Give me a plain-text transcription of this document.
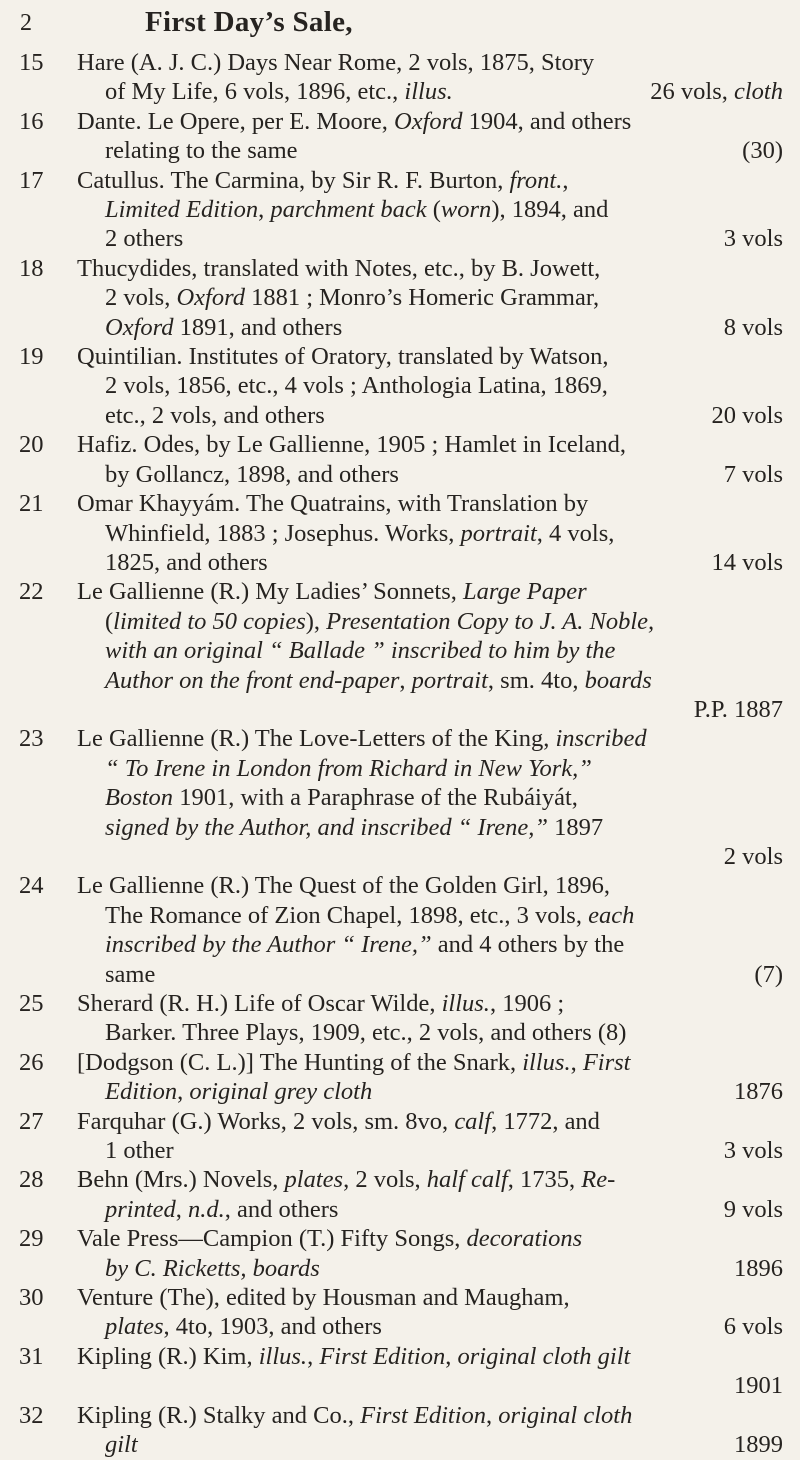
2	First Day’s Sale,
15	Hare (A. J. C.) Days Near Rome, 2 vols, 1875, Story
of My Life, 6 vols, 1896, etc., illus.	26 vols, cloth
16	Dante. Le Opere, per E. Moore, Oxford 1904, and others
relating to the same	(30)
17	Catullus. The Carmina, by Sir R. F. Burton, front.,
Limited Edition, parchment back (worn), 1894, and
2 others	3 vols
18	Thucydides, translated with Notes, etc., by B. Jowett,
2 vols, Oxford 1881 ; Monro’s Homeric Grammar,
Oxford 1891, and others	8 vols
19	Quintilian. Institutes of Oratory, translated by Watson,
2 vols, 1856, etc., 4 vols ; Anthologia Latina, 1869,
etc., 2 vols, and others	20 vols
20	Hafiz. Odes, by Le Gallienne, 1905 ; Hamlet in Iceland,
by Gollancz, 1898, and others	7 vols
21	Omar Khayyám. The Quatrains, with Translation by
Whinfield, 1883 ; Josephus. Works, portrait, 4 vols,
1825, and others	14 vols
22	Le Gallienne (R.) My Ladies’ Sonnets, Large Paper
(limited to 50 copies), Presentation Copy to J. A. Noble,
with an original “ Ballade ” inscribed to him by the
Author on the front end-paper, portrait, sm. 4to, boards
P.P. 1887
23	Le Gallienne (R.) The Love-Letters of the King, inscribed
“ To Irene in London from Richard in New York,”
Boston 1901, with a Paraphrase of the Rubáiyát,
signed by the Author, and inscribed “ Irene,” 1897
2 vols
24	Le Gallienne (R.) The Quest of the Golden Girl, 1896,
The Romance of Zion Chapel, 1898, etc., 3 vols, each
inscribed by the Author “ Irene,” and 4 others by the
same	(7)
25	Sherard (R. H.) Life of Oscar Wilde, illus., 1906 ;
Barker. Three Plays, 1909, etc., 2 vols, and others (8)
26	[Dodgson (C. L.)] The Hunting of the Snark, illus., First
Edition, original grey cloth	1876
27	Farquhar (G.) Works, 2 vols, sm. 8vo, calf, 1772, and
1 other	3 vols
28	Behn (Mrs.) Novels, plates, 2 vols, half calf, 1735, Re-
printed, n.d., and others	9 vols
29	Vale Press—Campion (T.) Fifty Songs, decorations
by C. Ricketts, boards	1896
30	Venture (The), edited by Housman and Maugham,
plates, 4to, 1903, and others	6 vols
31	Kipling (R.) Kim, illus., First Edition, original cloth gilt
1901
32	Kipling (R.) Stalky and Co., First Edition, original cloth
gilt	1899
